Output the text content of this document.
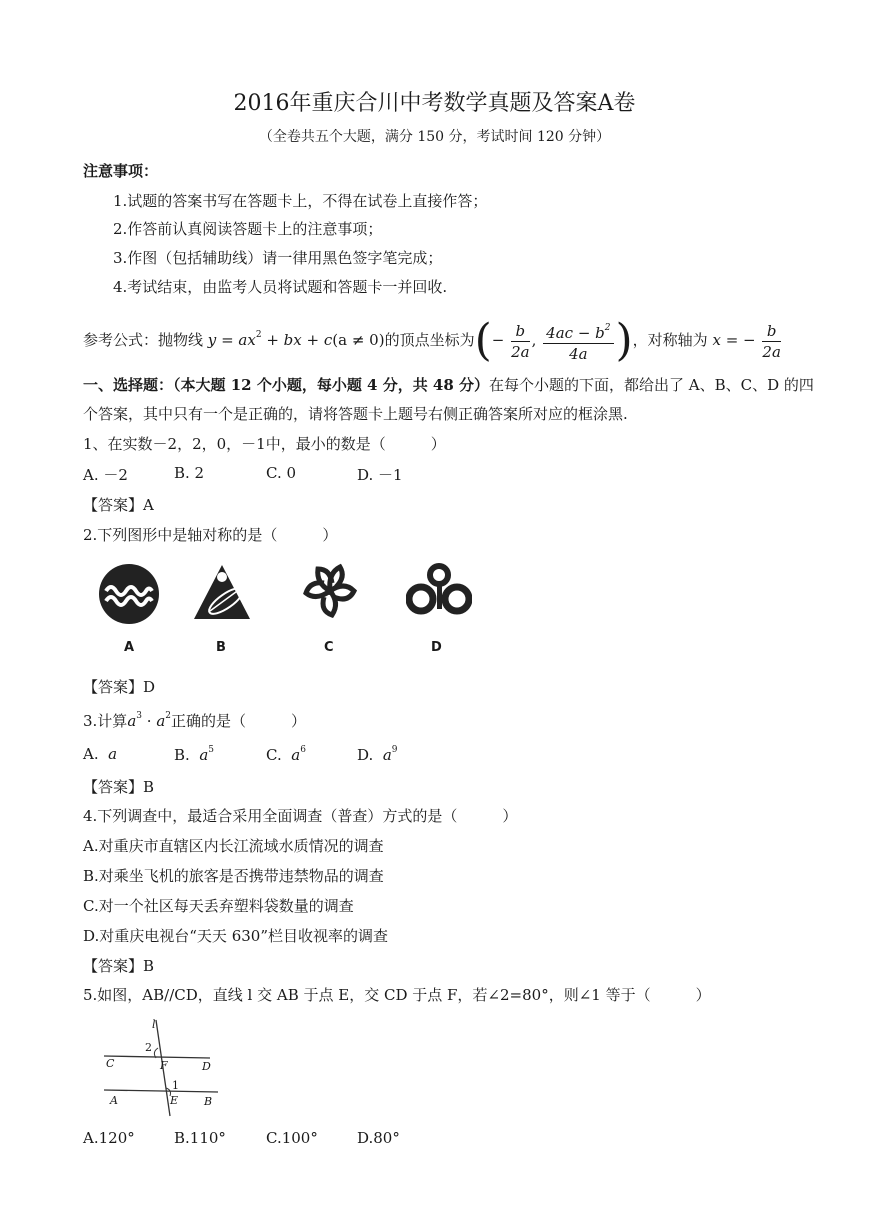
2016年重庆合川中考数学真题及答案A卷
（全卷共五个大题，满分 150 分，考试时间 120 分钟）
注意事项：
1.试题的答案书写在答题卡上，不得在试卷上直接作答；
2.作答前认真阅读答题卡上的注意事项；
3.作图（包括辅助线）请一律用黑色签字笔完成；
4.考试结束，由监考人员将试题和答题卡一并回收.
参考公式：抛物线 $y = ax^2$ + bx + c(a ≠ 0)的顶点坐标为(− $\frac{b}{2a}$ , $\frac{4ac - b^2}{4a}$ )，对称轴为 x = − $\frac{b}{2a}$
一、选择题：（本大题 12 个小题，每小题 4 分，共 48 分）在每个小题的下面，都给出了 A、B、C、D 的四
个答案，其中只有一个是正确的，请将答题卡上题号右侧正确答案所对应的框涂黑.
1、在实数－2，2，0，－1中，最小的数是（　　　）
A. －2	B. 2	C. 0	D. －1
【答案】A
2.下列图形中是轴对称的是（　　　）
A	B	C	D
【答案】D
3.计算$a^3 \cdot a^2$正确的是（　　　）
A. a	B. $a^5$	C. $a^6$	D. $a^9$
【答案】B
4.下列调查中，最适合采用全面调查（普查）方式的是（　　　）
A.对重庆市直辖区内长江流域水质情况的调查
B.对乘坐飞机的旅客是否携带违禁物品的调查
C.对一个社区每天丢弃塑料袋数量的调查
D.对重庆电视台“天天 630”栏目收视率的调查
【答案】B
5.如图，AB//CD，直线 l 交 AB 于点 E，交 CD 于点 F，若∠2=80°，则∠1 等于（　　　）
l
2
C	F	D
1
A	E B
A.120°	B.110°	C.100°	D.80°
